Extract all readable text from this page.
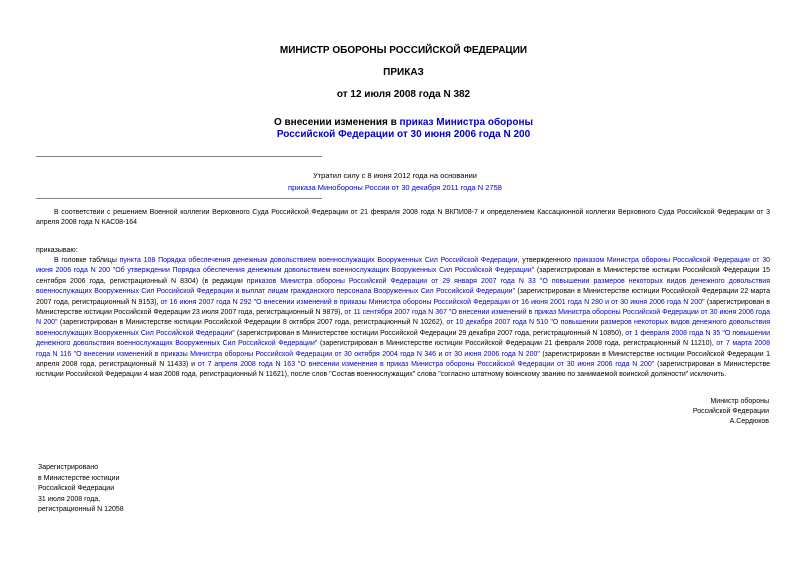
МИНИСТР ОБОРОНЫ РОССИЙСКОЙ ФЕДЕРАЦИИ
ПРИКАЗ
от 12 июля 2008 года N 382
О внесении изменения в приказ Министра обороны
Российской Федерации от 30 июня 2006 года N 200
Утратил силу с 8 июня 2012 года на основании
приказа Минобороны России от 30 декабря 2011 года N 2758
В соответствии с решением Военной коллегии Верховного Суда Российской Федерации от 21 февраля 2008 года N ВКПИ08-7 и определением Кассационной коллегии Верховного Суда Российской Федерации от 3 апреля 2008 года N КАС08-164
приказываю:
В головке таблицы пункта 108 Порядка обеспечения денежным довольствием военнослужащих Вооруженных Сил Российской Федерации, утвержденного приказом Министра обороны Российской Федерации от 30 июня 2006 года N 200 "Об утверждении Порядка обеспечения денежным довольствием военнослужащих Вооруженных Сил Российской Федерации" (зарегистрирован в Министерстве юстиции Российской Федерации 15 сентября 2006 года, регистрационный N 8304) (в редакции приказов Министра обороны Российской Федерации от 29 января 2007 года N 33 "О повышении размеров некоторых видов денежного довольствия военнослужащих Вооруженных Сил Российской Федерации и выплат лицам гражданского персонала Вооруженных Сил Российской Федерации" (зарегистрирован в Министерстве юстиции Российской Федерации 22 марта 2007 года, регистрационный N 9153), от 16 июня 2007 года N 292 "О внесении изменений в приказы Министра обороны Российской Федерации от 16 июня 2001 года N 280 и от 30 июня 2006 года N 200" (зарегистрирован в Министерстве юстиции Российской Федерации 23 июля 2007 года, регистрационный N 9879), от 11 сентября 2007 года N 367 "О внесении изменений в приказ Министра обороны Российской Федерации от 30 июня 2006 года N 200" (зарегистрирован в Министерстве юстиции Российской Федерации 8 октября 2007 года, регистрационный N 10262), от 10 декабря 2007 года N 510 "О повышении размеров некоторых видов денежного довольствия военнослужащих Вооруженных Сил Российской Федерации" (зарегистрирован в Министерстве юстиции Российской Федерации 29 декабря 2007 года, регистрационный N 10850), от 1 февраля 2008 года N 35 "О повышении денежного довольствия военнослужащих Вооруженных Сил Российской Федерации" (зарегистрирован в Министерстве юстиции Российской Федерации 21 февраля 2008 года, регистрационный N 11210), от 7 марта 2008 года N 116 "О внесении изменений в приказы Министра обороны Российской Федерации от 30 октября 2004 года N 346 и от 30 июня 2006 года N 200" (зарегистрирован в Министерстве юстиции Российской Федерации 1 апреля 2008 года, регистрационный N 11433) и от 7 апреля 2008 года N 163 "О внесении изменения в приказ Министра обороны Российской Федерации от 30 июня 2006 года N 200" (зарегистрирован в Министерстве юстиции Российской Федерации 4 мая 2008 года, регистрационный N 11621), после слов "Состав военнослужащих" слова "согласно штатному воинскому званию по занимаемой воинской должности" исключить.
Министр обороны
Российской Федерации
А.Сердюков
Зарегистрировано
в Министерстве юстиции
Российской Федерации
31 июля 2008 года,
регистрационный N 12058
